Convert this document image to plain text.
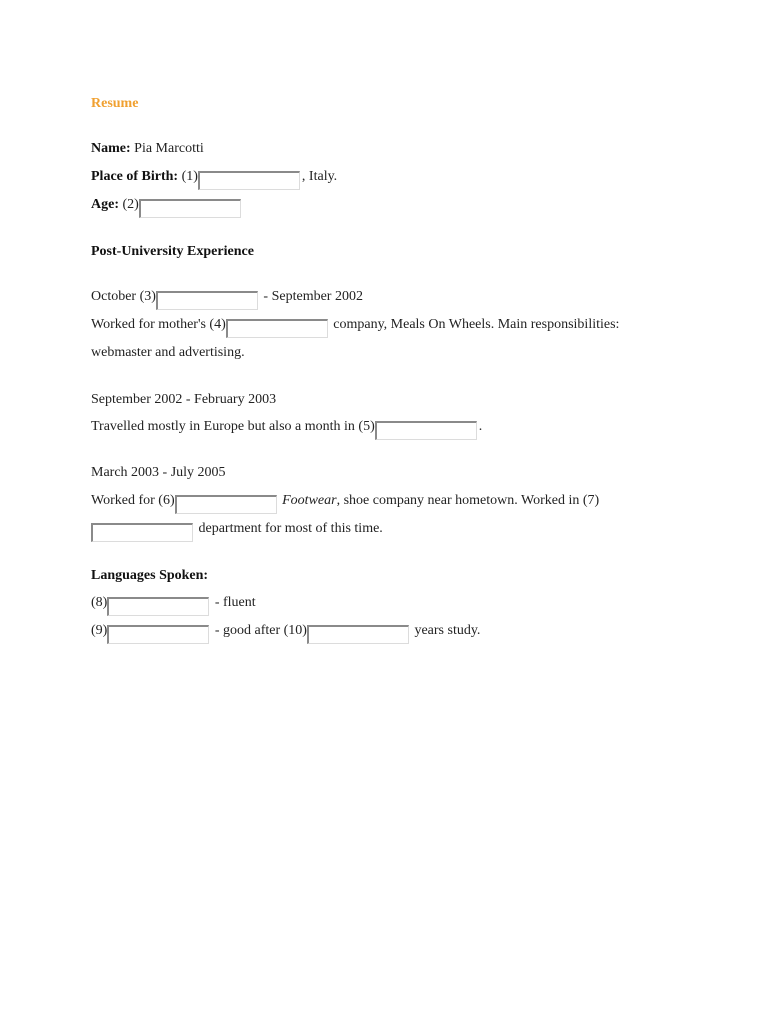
Resume
Name: Pia Marcotti
Place of Birth: (1)	, Italy.
Age: (2)
Post-University Experience
October (3)	- September 2002
Worked for mother's (4)	company, Meals On Wheels. Main responsibilities:
webmaster and advertising.
September 2002 - February 2003
Travelled mostly in Europe but also a month in (5)	.
March 2003 - July 2005
Worked for (6)	Footwear, shoe company near hometown. Worked in (7)
department for most of this time.
Languages Spoken:
(8)	- fluent
(9)	- good after (10)	years study.
